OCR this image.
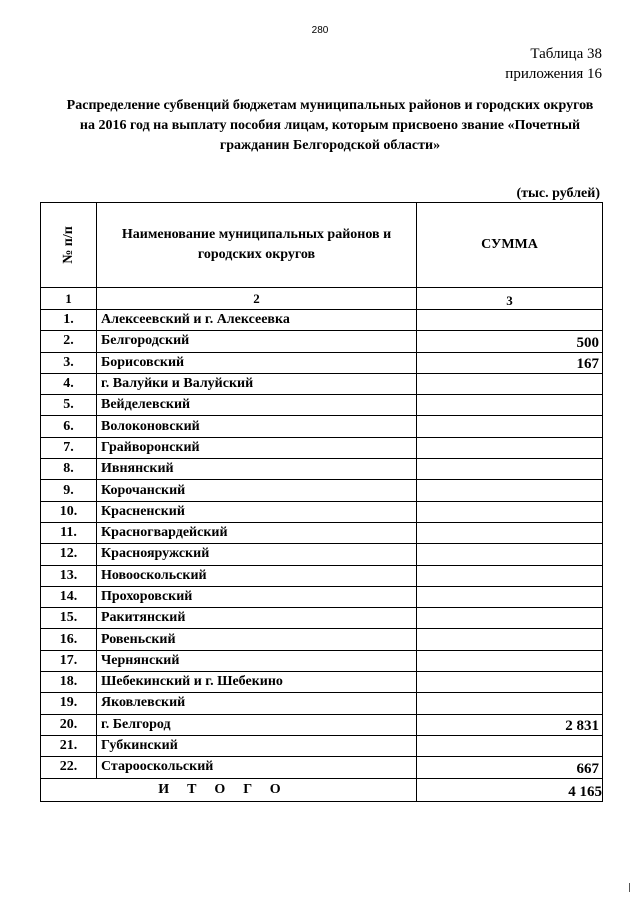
280
Таблица 38
приложения 16
Распределение субвенций бюджетам муниципальных районов и городских округов
на 2016 год на выплату пособия лицам, которым присвоено звание «Почетный
гражданин Белгородской области»
(тыс. рублей)
№ п/п	Наименование муниципальных районов и городских округов	СУММА

1	2	3
1.	Алексеевский и г. Алексеевка	
2.	Белгородский	500
3.	Борисовский	167
4.	г. Валуйки и Валуйский	
5.	Вейделевский	
6.	Волоконовский	
7.	Грайворонский	
8.	Ивнянский	
9.	Корочанский	
10.	Красненский	
11.	Красногвардейский	
12.	Краснояружский	
13.	Новооскольский	
14.	Прохоровский	
15.	Ракитянский	
16.	Ровеньский	
17.	Чернянский	
18.	Шебекинский и г. Шебекино	
19.	Яковлевский	
20.	г. Белгород	2 831
21.	Губкинский	
22.	Старооскольский	667
ИТОГО		4 165
